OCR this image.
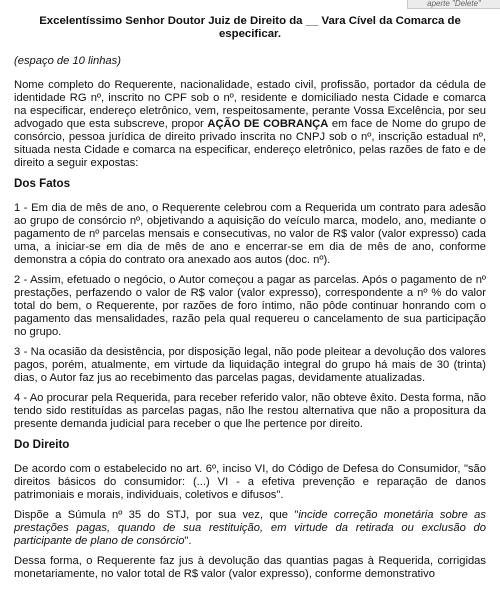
aperte "Delete"
Excelentíssimo Senhor Doutor Juiz de Direito da __ Vara Cível da Comarca de especificar.
(espaço de 10 linhas)

Nome completo do Requerente, nacionalidade, estado civil, profissão, portador da cédula de identidade RG nº, inscrito no CPF sob o nº, residente e domiciliado nesta Cidade e comarca na especificar, endereço eletrônico, vem, respeitosamente, perante Vossa Excelência, por seu advogado que esta subscreve, propor AÇÃO DE COBRANÇA em face de Nome do grupo de consórcio, pessoa jurídica de direito privado inscrita no CNPJ sob o nº, inscrição estadual nº, situada nesta Cidade e comarca na especificar, endereço eletrônico, pelas razões de fato e de direito a seguir expostas:

Dos Fatos

1 - Em dia de mês de ano, o Requerente celebrou com a Requerida um contrato para adesão ao grupo de consórcio nº, objetivando a aquisição do veículo marca, modelo, ano, mediante o pagamento de nº parcelas mensais e consecutivas, no valor de R$ valor (valor expresso) cada uma, a iniciar-se em dia de mês de ano e encerrar-se em dia de mês de ano, conforme demonstra a cópia do contrato ora anexado aos autos (doc. nº).

2 - Assim, efetuado o negócio, o Autor começou a pagar as parcelas. Após o pagamento de nº prestações, perfazendo o valor de R$ valor (valor expresso), correspondente a nº % do valor total do bem, o Requerente, por razões de foro íntimo, não pôde continuar honrando com o pagamento das mensalidades, razão pela qual requereu o cancelamento de sua participação no grupo.

3 - Na ocasião da desistência, por disposição legal, não pode pleitear a devolução dos valores pagos, porém, atualmente, em virtude da liquidação integral do grupo há mais de 30 (trinta) dias, o Autor faz jus ao recebimento das parcelas pagas, devidamente atualizadas.

4 - Ao procurar pela Requerida, para receber referido valor, não obteve êxito. Desta forma, não tendo sido restituídas as parcelas pagas, não lhe restou alternativa que não a propositura da presente demanda judicial para receber o que lhe pertence por direito.

Do Direito

De acordo com o estabelecido no art. 6º, inciso VI, do Código de Defesa do Consumidor, "são direitos básicos do consumidor: (...) VI - a efetiva prevenção e reparação de danos patrimoniais e morais, individuais, coletivos e difusos".

Dispõe a Súmula nº 35 do STJ, por sua vez, que "incide correção monetária sobre as prestações pagas, quando de sua restituição, em virtude da retirada ou exclusão do participante de plano de consórcio".

Dessa forma, o Requerente faz jus à devolução das quantias pagas à Requerida, corrigidas monetariamente, no valor total de R$ valor (valor expresso), conforme demonstrativo
